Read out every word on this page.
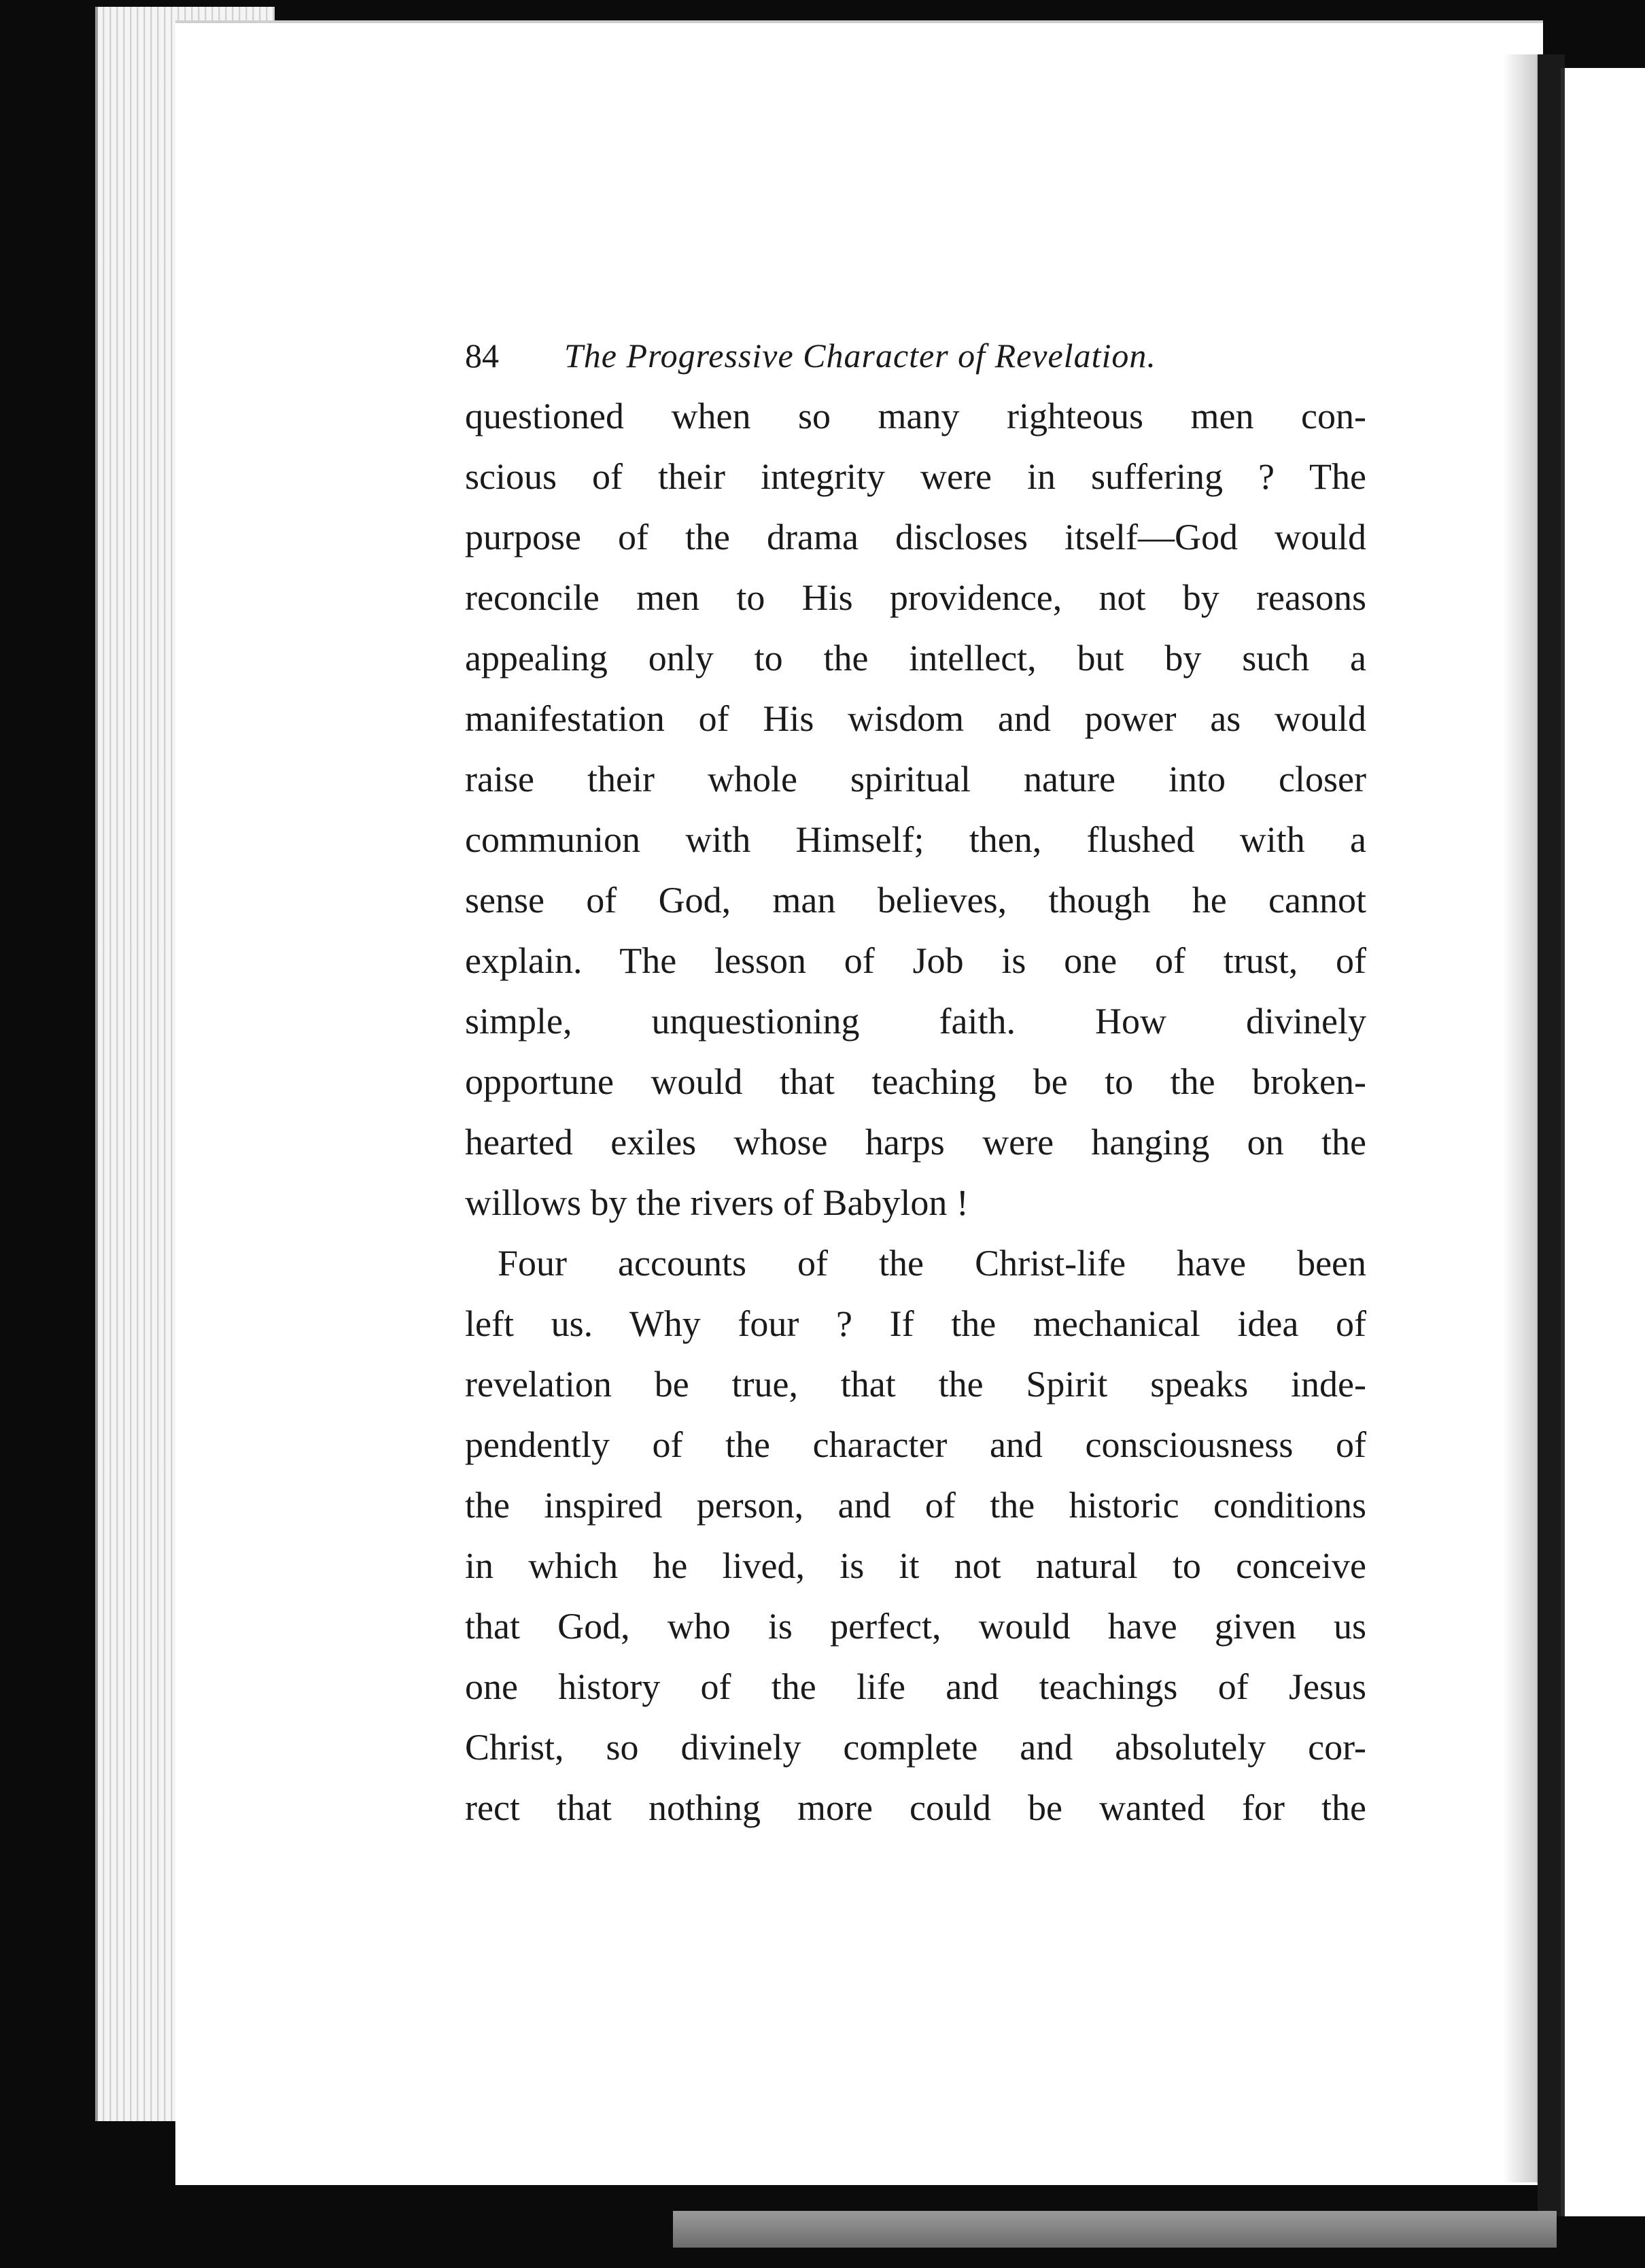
84 The Progressive Character of Revelation.
questioned when so many righteous men con-
scious of their integrity were in suffering ? The
purpose of the drama discloses itself—God would
reconcile men to His providence, not by reasons
appealing only to the intellect, but by such a
manifestation of His wisdom and power as would
raise their whole spiritual nature into closer
communion with Himself; then, flushed with a
sense of God, man believes, though he cannot
explain. The lesson of Job is one of trust, of
simple, unquestioning faith. How divinely
opportune would that teaching be to the broken-
hearted exiles whose harps were hanging on the
willows by the rivers of Babylon !
Four accounts of the Christ-life have been
left us. Why four ? If the mechanical idea of
revelation be true, that the Spirit speaks inde-
pendently of the character and consciousness of
the inspired person, and of the historic conditions
in which he lived, is it not natural to conceive
that God, who is perfect, would have given us
one history of the life and teachings of Jesus
Christ, so divinely complete and absolutely cor-
rect that nothing more could be wanted for the
